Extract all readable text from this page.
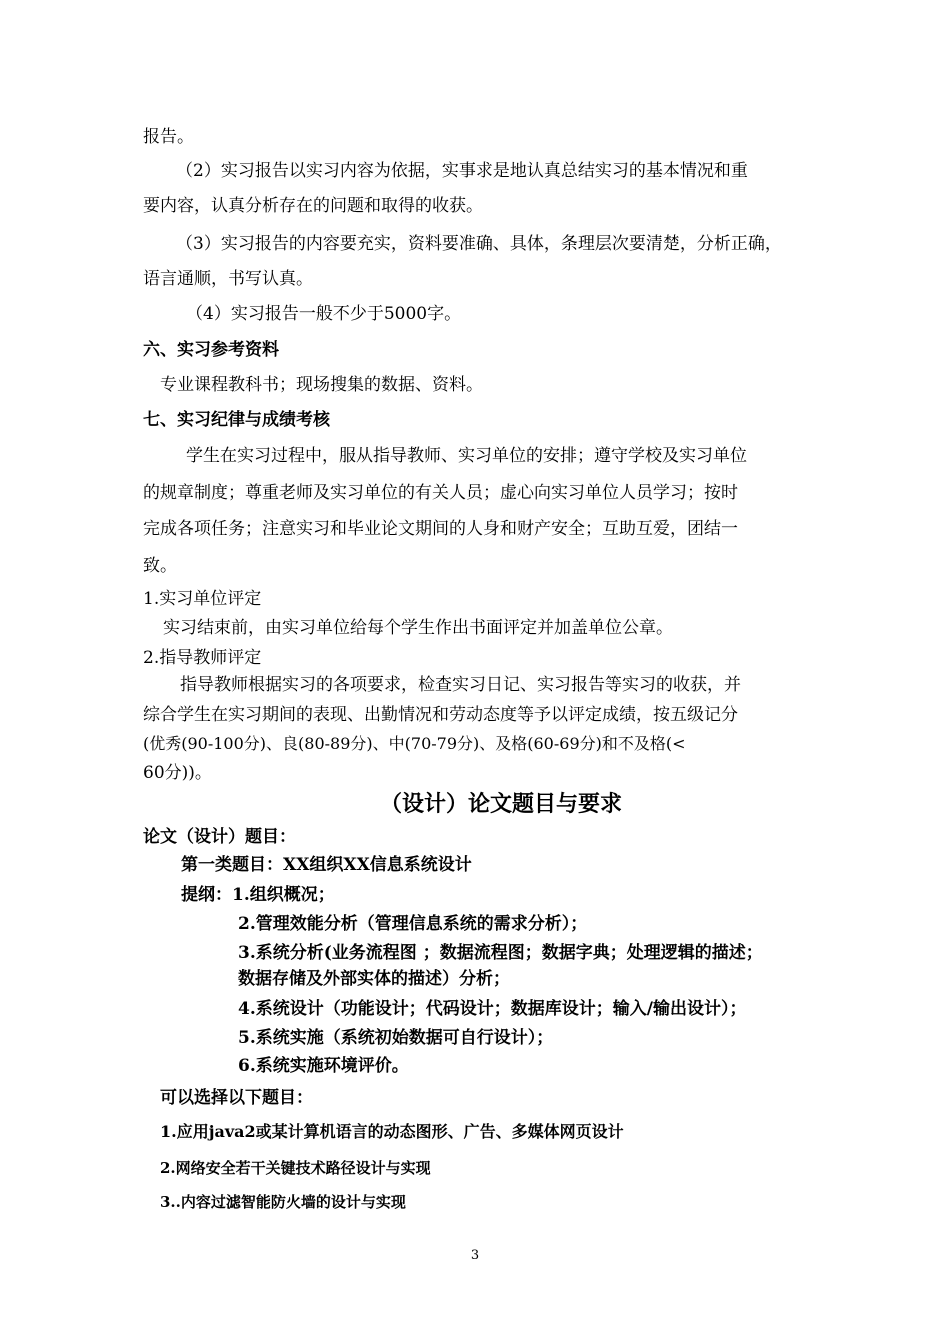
报告。
（2）实习报告以实习内容为依据，实事求是地认真总结实习的基本情况和重
要内容，认真分析存在的问题和取得的收获。
（3）实习报告的内容要充实，资料要准确、具体，条理层次要清楚，分析正确，
语言通顺，书写认真。
（4）实习报告一般不少于5000字。
六、实习参考资料
专业课程教科书；现场搜集的数据、资料。
七、实习纪律与成绩考核
学生在实习过程中，服从指导教师、实习单位的安排；遵守学校及实习单位
的规章制度；尊重老师及实习单位的有关人员；虚心向实习单位人员学习；按时
完成各项任务；注意实习和毕业论文期间的人身和财产安全；互助互爱，团结一
致。
1.实习单位评定
实习结束前，由实习单位给每个学生作出书面评定并加盖单位公章。
2.指导教师评定
指导教师根据实习的各项要求，检查实习日记、实习报告等实习的收获，并
综合学生在实习期间的表现、出勤情况和劳动态度等予以评定成绩，按五级记分
(优秀(90-100分)、良(80-89分)、中(70-79分)、及格(60-69分)和不及格(<
60分))。
（设计）论文题目与要求
论文（设计）题目：
第一类题目：XX组织XX信息系统设计
提纲：1.组织概况；
2.管理效能分析（管理信息系统的需求分析）；
3.系统分析(业务流程图 ；数据流程图；数据字典；处理逻辑的描述；
数据存储及外部实体的描述）分析；
4.系统设计（功能设计；代码设计；数据库设计；输入/输出设计）；
5.系统实施（系统初始数据可自行设计）；
6.系统实施环境评价。
可以选择以下题目：
1.应用java2或某计算机语言的动态图形、广告、多媒体网页设计
2.网络安全若干关键技术路径设计与实现
3..内容过滤智能防火墙的设计与实现
3
